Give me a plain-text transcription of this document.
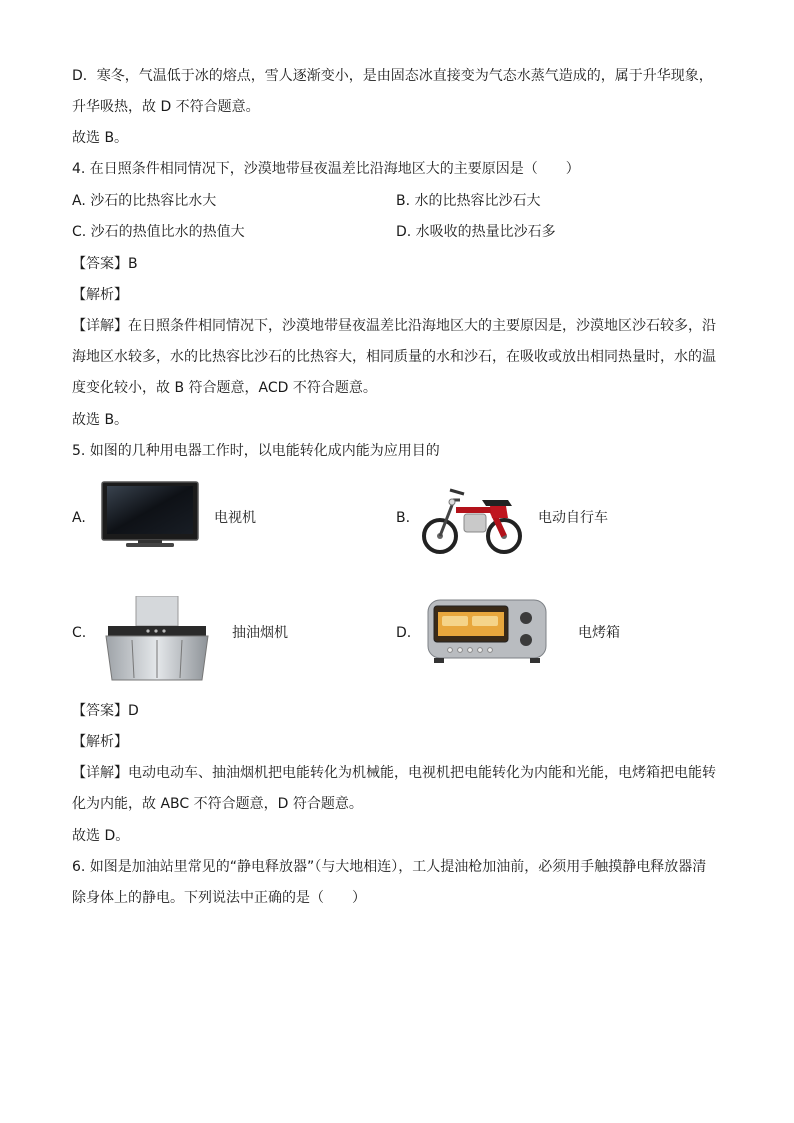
D．寒冬，气温低于冰的熔点，雪人逐渐变小，是由固态冰直接变为气态水蒸气造成的，属于升华现象，
升华吸热，故 D 不符合题意。
故选 B。
4. 在日照条件相同情况下，沙漠地带昼夜温差比沿海地区大的主要原因是（　　）
A. 沙石的比热容比水大	B. 水的比热容比沙石大
C. 沙石的热值比水的热值大	D. 水吸收的热量比沙石多
【答案】B
【解析】
【详解】在日照条件相同情况下，沙漠地带昼夜温差比沿海地区大的主要原因是，沙漠地区沙石较多，沿
海地区水较多，水的比热容比沙石的比热容大，相同质量的水和沙石，在吸收或放出相同热量时，水的温
度变化较小，故 B 符合题意，ACD 不符合题意。
故选 B。
5. 如图的几种用电器工作时，以电能转化成内能为应用目的
A.	电视机	B.	电动自行车
C.	抽油烟机	D.	电烤箱
【答案】D
【解析】
【详解】电动电动车、抽油烟机把电能转化为机械能，电视机把电能转化为内能和光能，电烤箱把电能转
化为内能，故 ABC 不符合题意，D 符合题意。
故选 D。
6. 如图是加油站里常见的“静电释放器”（与大地相连），工人提油枪加油前，必须用手触摸静电释放器清
除身体上的静电。下列说法中正确的是（　　）
